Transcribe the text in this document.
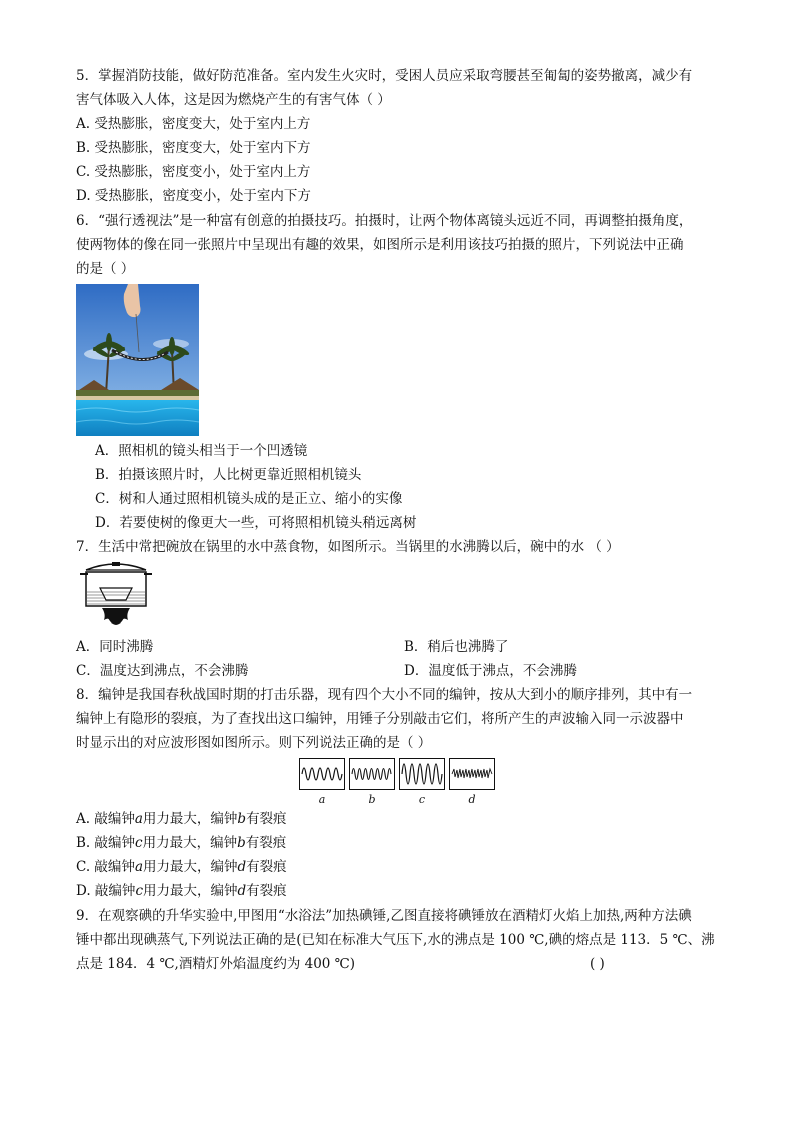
5．掌握消防技能，做好防范准备。室内发生火灾时，受困人员应采取弯腰甚至匍匐的姿势撤离，减少有
害气体吸入人体，这是因为燃烧产生的有害气体（ ）
A. 受热膨胀，密度变大，处于室内上方
B. 受热膨胀，密度变大，处于室内下方
C. 受热膨胀，密度变小，处于室内上方
D. 受热膨胀，密度变小，处于室内下方
6．“强行透视法”是一种富有创意的拍摄技巧。拍摄时，让两个物体离镜头远近不同，再调整拍摄角度，
使两物体的像在同一张照片中呈现出有趣的效果，如图所示是利用该技巧拍摄的照片，下列说法中正确
的是（ ）
A．照相机的镜头相当于一个凹透镜
B．拍摄该照片时，人比树更靠近照相机镜头
C．树和人通过照相机镜头成的是正立、缩小的实像
D．若要使树的像更大一些，可将照相机镜头稍远离树
7．生活中常把碗放在锅里的水中蒸食物，如图所示。当锅里的水沸腾以后，碗中的水 （ ）
A．同时沸腾	B．稍后也沸腾了
C．温度达到沸点，不会沸腾	D．温度低于沸点，不会沸腾
8．编钟是我国春秋战国时期的打击乐器，现有四个大小不同的编钟，按从大到小的顺序排列，其中有一
编钟上有隐形的裂痕，为了查找出这口编钟，用锤子分别敲击它们，将所产生的声波输入同一示波器中
时显示出的对应波形图如图所示。则下列说法正确的是（ ）
a	b	c	d
A. 敲编钟a用力最大，编钟b有裂痕
B. 敲编钟c用力最大，编钟b有裂痕
C. 敲编钟a用力最大，编钟d有裂痕
D. 敲编钟c用力最大，编钟d有裂痕
9．在观察碘的升华实验中,甲图用“水浴法”加热碘锤,乙图直接将碘锤放在酒精灯火焰上加热,两种方法碘
锤中都出现碘蒸气,下列说法正确的是(已知在标准大气压下,水的沸点是 100 ℃,碘的熔点是 113．5 ℃、沸
点是 184．4 ℃,酒精灯外焰温度约为 400 ℃)	( )
